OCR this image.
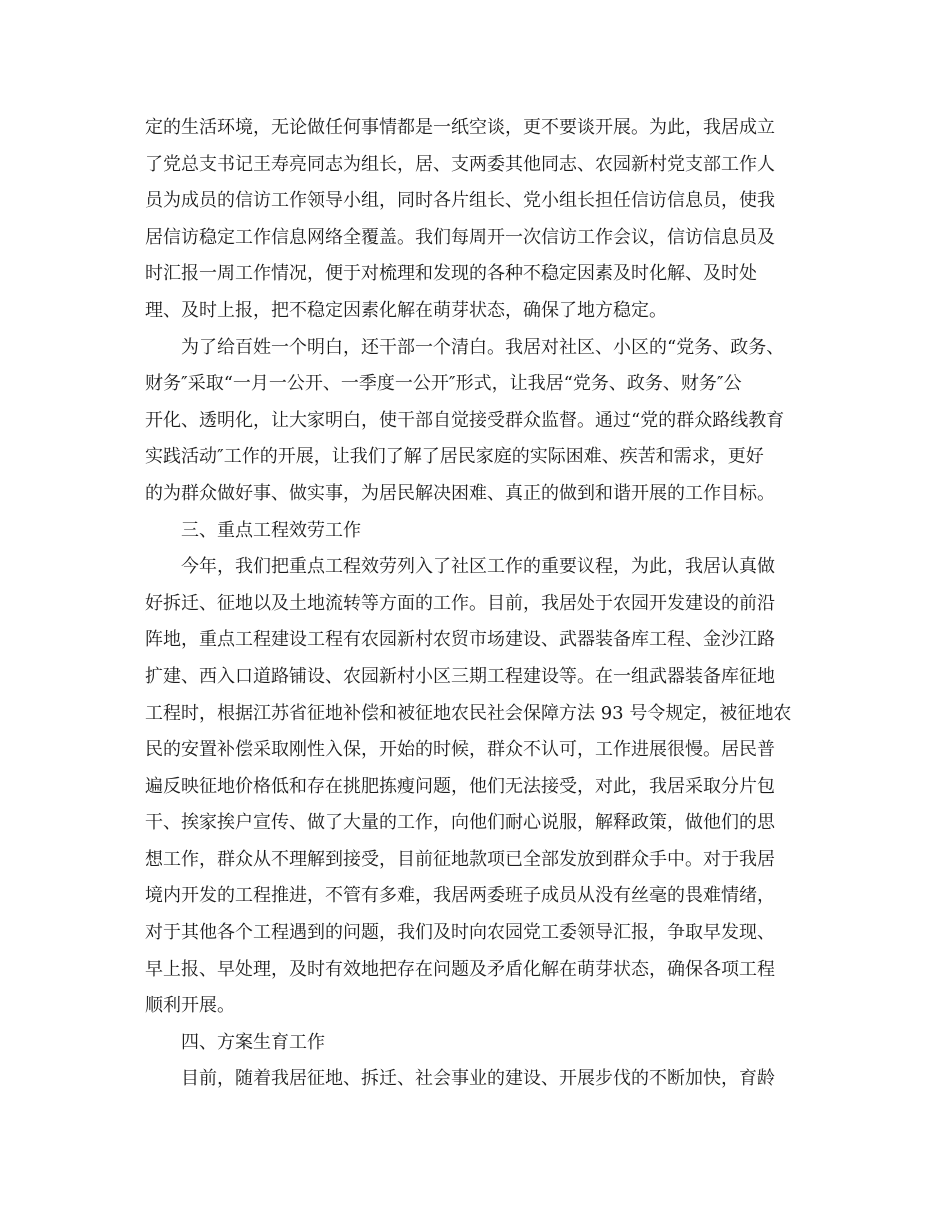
定的生活环境，无论做任何事情都是一纸空谈，更不要谈开展。为此，我居成立
了党总支书记王寿亮同志为组长，居、支两委其他同志、农园新村党支部工作人
员为成员的信访工作领导小组，同时各片组长、党小组长担任信访信息员，使我
居信访稳定工作信息网络全覆盖。我们每周开一次信访工作会议，信访信息员及
时汇报一周工作情况，便于对梳理和发现的各种不稳定因素及时化解、及时处
理、及时上报，把不稳定因素化解在萌芽状态，确保了地方稳定。

为了给百姓一个明白，还干部一个清白。我居对社区、小区的“党务、政务、
财务″采取“一月一公开、一季度一公开″形式，让我居“党务、政务、财务″公
开化、透明化，让大家明白，使干部自觉接受群众监督。通过“党的群众路线教育
实践活动″工作的开展，让我们了解了居民家庭的实际困难、疾苦和需求，更好
的为群众做好事、做实事，为居民解决困难、真正的做到和谐开展的工作目标。

三、重点工程效劳工作

今年，我们把重点工程效劳列入了社区工作的重要议程，为此，我居认真做
好拆迁、征地以及土地流转等方面的工作。目前，我居处于农园开发建设的前沿
阵地，重点工程建设工程有农园新村农贸市场建设、武器装备库工程、金沙江路
扩建、西入口道路铺设、农园新村小区三期工程建设等。在一组武器装备库征地
工程时，根据江苏省征地补偿和被征地农民社会保障方法 93 号令规定，被征地农
民的安置补偿采取刚性入保，开始的时候，群众不认可，工作进展很慢。居民普
遍反映征地价格低和存在挑肥拣瘦问题，他们无法接受，对此，我居采取分片包
干、挨家挨户宣传、做了大量的工作，向他们耐心说服，解释政策，做他们的思
想工作，群众从不理解到接受，目前征地款项已全部发放到群众手中。对于我居
境内开发的工程推进，不管有多难，我居两委班子成员从没有丝毫的畏难情绪，
对于其他各个工程遇到的问题，我们及时向农园党工委领导汇报，争取早发现、
早上报、早处理，及时有效地把存在问题及矛盾化解在萌芽状态，确保各项工程
顺利开展。

四、方案生育工作

目前，随着我居征地、拆迁、社会事业的建设、开展步伐的不断加快，育龄
